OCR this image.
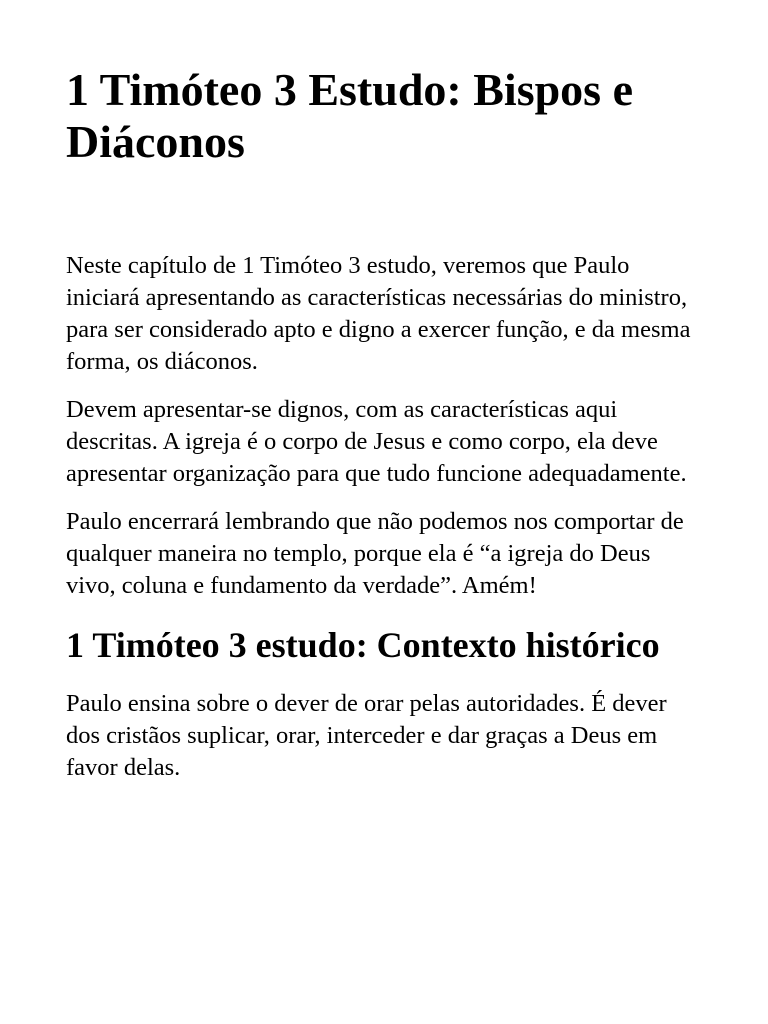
1 Timóteo 3 Estudo: Bispos e Diáconos

Neste capítulo de 1 Timóteo 3 estudo, veremos que Paulo iniciará apresentando as características necessárias do ministro, para ser considerado apto e digno a exercer função, e da mesma forma, os diáconos.

Devem apresentar-se dignos, com as características aqui descritas. A igreja é o corpo de Jesus e como corpo, ela deve apresentar organização para que tudo funcione adequadamente.

Paulo encerrará lembrando que não podemos nos comportar de qualquer maneira no templo, porque ela é “a igreja do Deus vivo, coluna e fundamento da verdade”. Amém!

1 Timóteo 3 estudo: Contexto histórico

Paulo ensina sobre o dever de orar pelas autoridades. É dever dos cristãos suplicar, orar, interceder e dar graças a Deus em favor delas.
